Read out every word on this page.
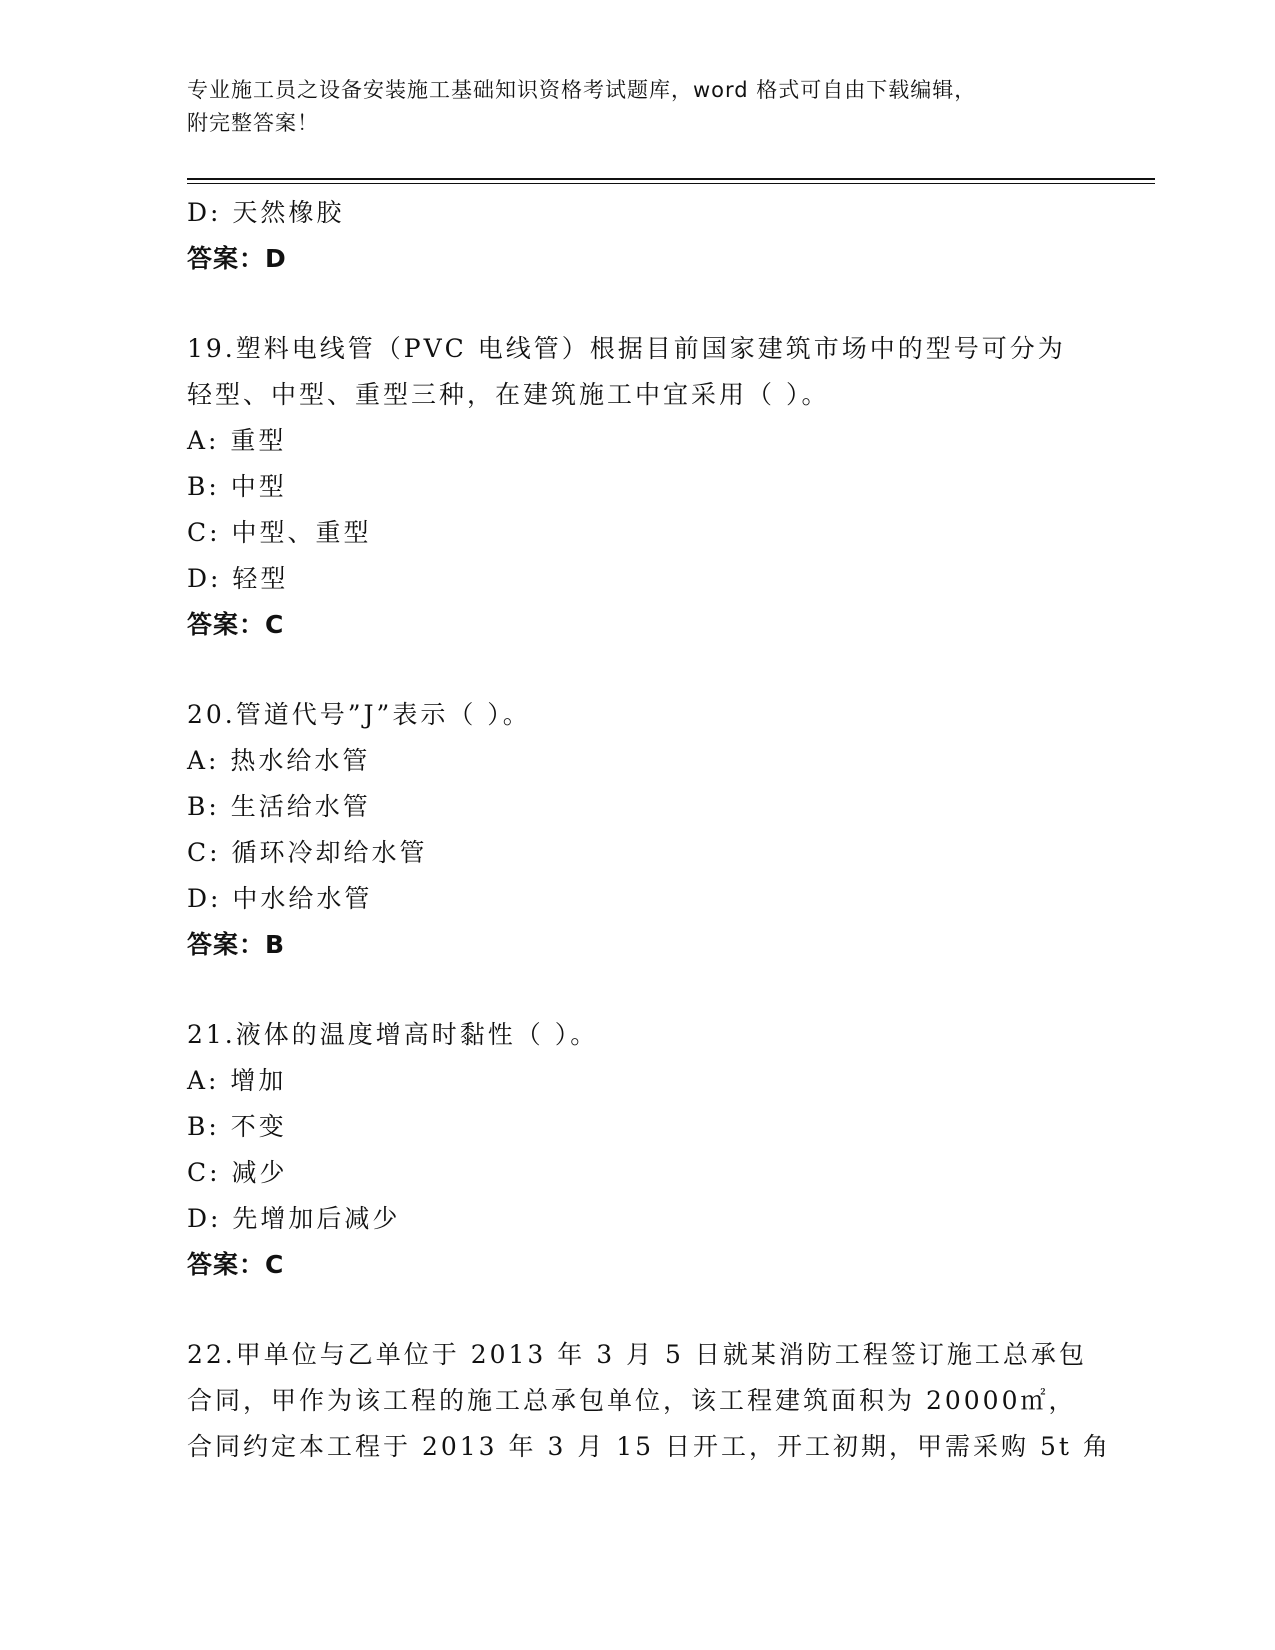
专业施工员之设备安装施工基础知识资格考试题库，word 格式可自由下载编辑，
附完整答案！
D: 天然橡胶
答案：D
19.塑料电线管（PVC 电线管）根据目前国家建筑市场中的型号可分为
轻型、中型、重型三种，在建筑施工中宜采用（ ）。
A: 重型
B: 中型
C: 中型、重型
D: 轻型
答案：C
20.管道代号”J”表示（ ）。
A: 热水给水管
B: 生活给水管
C: 循环冷却给水管
D: 中水给水管
答案：B
21.液体的温度增高时黏性（ ）。
A: 增加
B: 不变
C: 减少
D: 先增加后减少
答案：C
22.甲单位与乙单位于 2013 年 3 月 5 日就某消防工程签订施工总承包
合同，甲作为该工程的施工总承包单位，该工程建筑面积为 20000㎡，
合同约定本工程于 2013 年 3 月 15 日开工，开工初期，甲需采购 5t 角
